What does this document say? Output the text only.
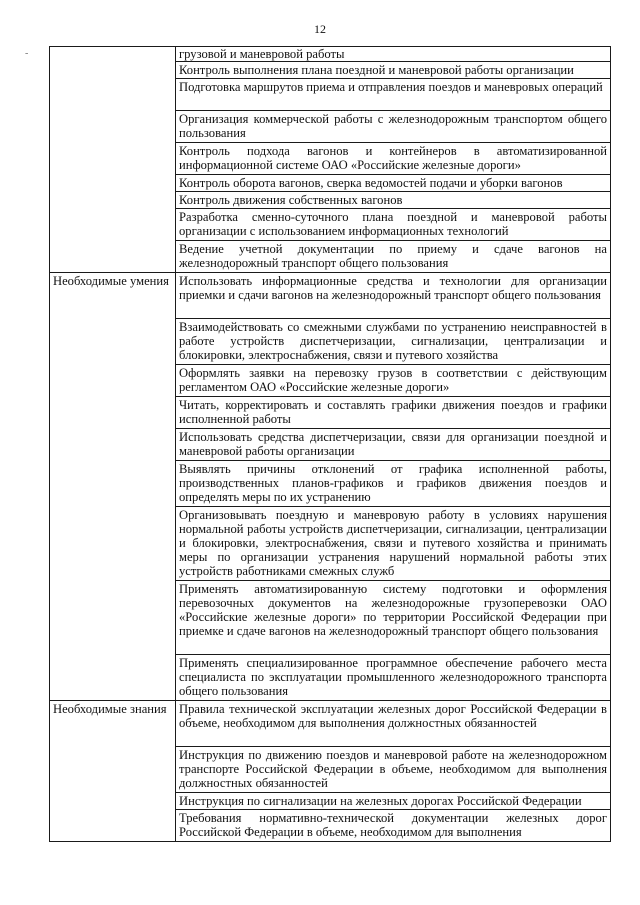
12
-
		грузовой и маневровой работы
	Контроль выполнения плана поездной и маневровой работы организации
	Подготовка маршрутов приема и отправления поездов и маневровых операций
	Организация коммерческой работы с железнодорожным транспортом общего пользования
	Контроль подхода вагонов и контейнеров в автоматизированной информационной системе ОАО «Российские железные дороги»
	Контроль оборота вагонов, сверка ведомостей подачи и уборки вагонов
	Контроль движения собственных вагонов
	Разработка сменно-суточного плана поездной и маневровой работы организации с использованием информационных технологий
	Ведение учетной документации по приему и сдаче вагонов на железнодорожный транспорт общего пользования
Необходимые умения	Использовать информационные средства и технологии для организации приемки и сдачи вагонов на железнодорожный транспорт общего пользования
	Взаимодействовать со смежными службами по устранению неисправностей в работе устройств диспетчеризации, сигнализации, централизации и блокировки, электроснабжения, связи и путевого хозяйства
	Оформлять заявки на перевозку грузов в соответствии с действующим регламентом ОАО «Российские железные дороги»
	Читать, корректировать и составлять графики движения поездов и графики исполненной работы
	Использовать средства диспетчеризации, связи для организации поездной и маневровой работы организации
	Выявлять причины отклонений от графика исполненной работы, производственных планов-графиков и графиков движения поездов и определять меры по их устранению
	Организовывать поездную и маневровую работу в условиях нарушения нормальной работы устройств диспетчеризации, сигнализации, централизации и блокировки, электроснабжения, связи и путевого хозяйства и принимать меры по организации устранения нарушений нормальной работы этих устройств работниками смежных служб
	Применять автоматизированную систему подготовки и оформления перевозочных документов на железнодорожные грузоперевозки ОАО «Российские железные дороги» по территории Российской Федерации при приемке и сдаче вагонов на железнодорожный транспорт общего пользования
	Применять специализированное программное обеспечение рабочего места специалиста по эксплуатации промышленного железнодорожного транспорта общего пользования
Необходимые знания	Правила технической эксплуатации железных дорог Российской Федерации в объеме, необходимом для выполнения должностных обязанностей
	Инструкция по движению поездов и маневровой работе на железнодорожном транспорте Российской Федерации в объеме, необходимом для выполнения должностных обязанностей
	Инструкция по сигнализации на железных дорогах Российской Федерации
	Требования нормативно-технической документации железных дорог Российской Федерации в объеме, необходимом для выполнения
